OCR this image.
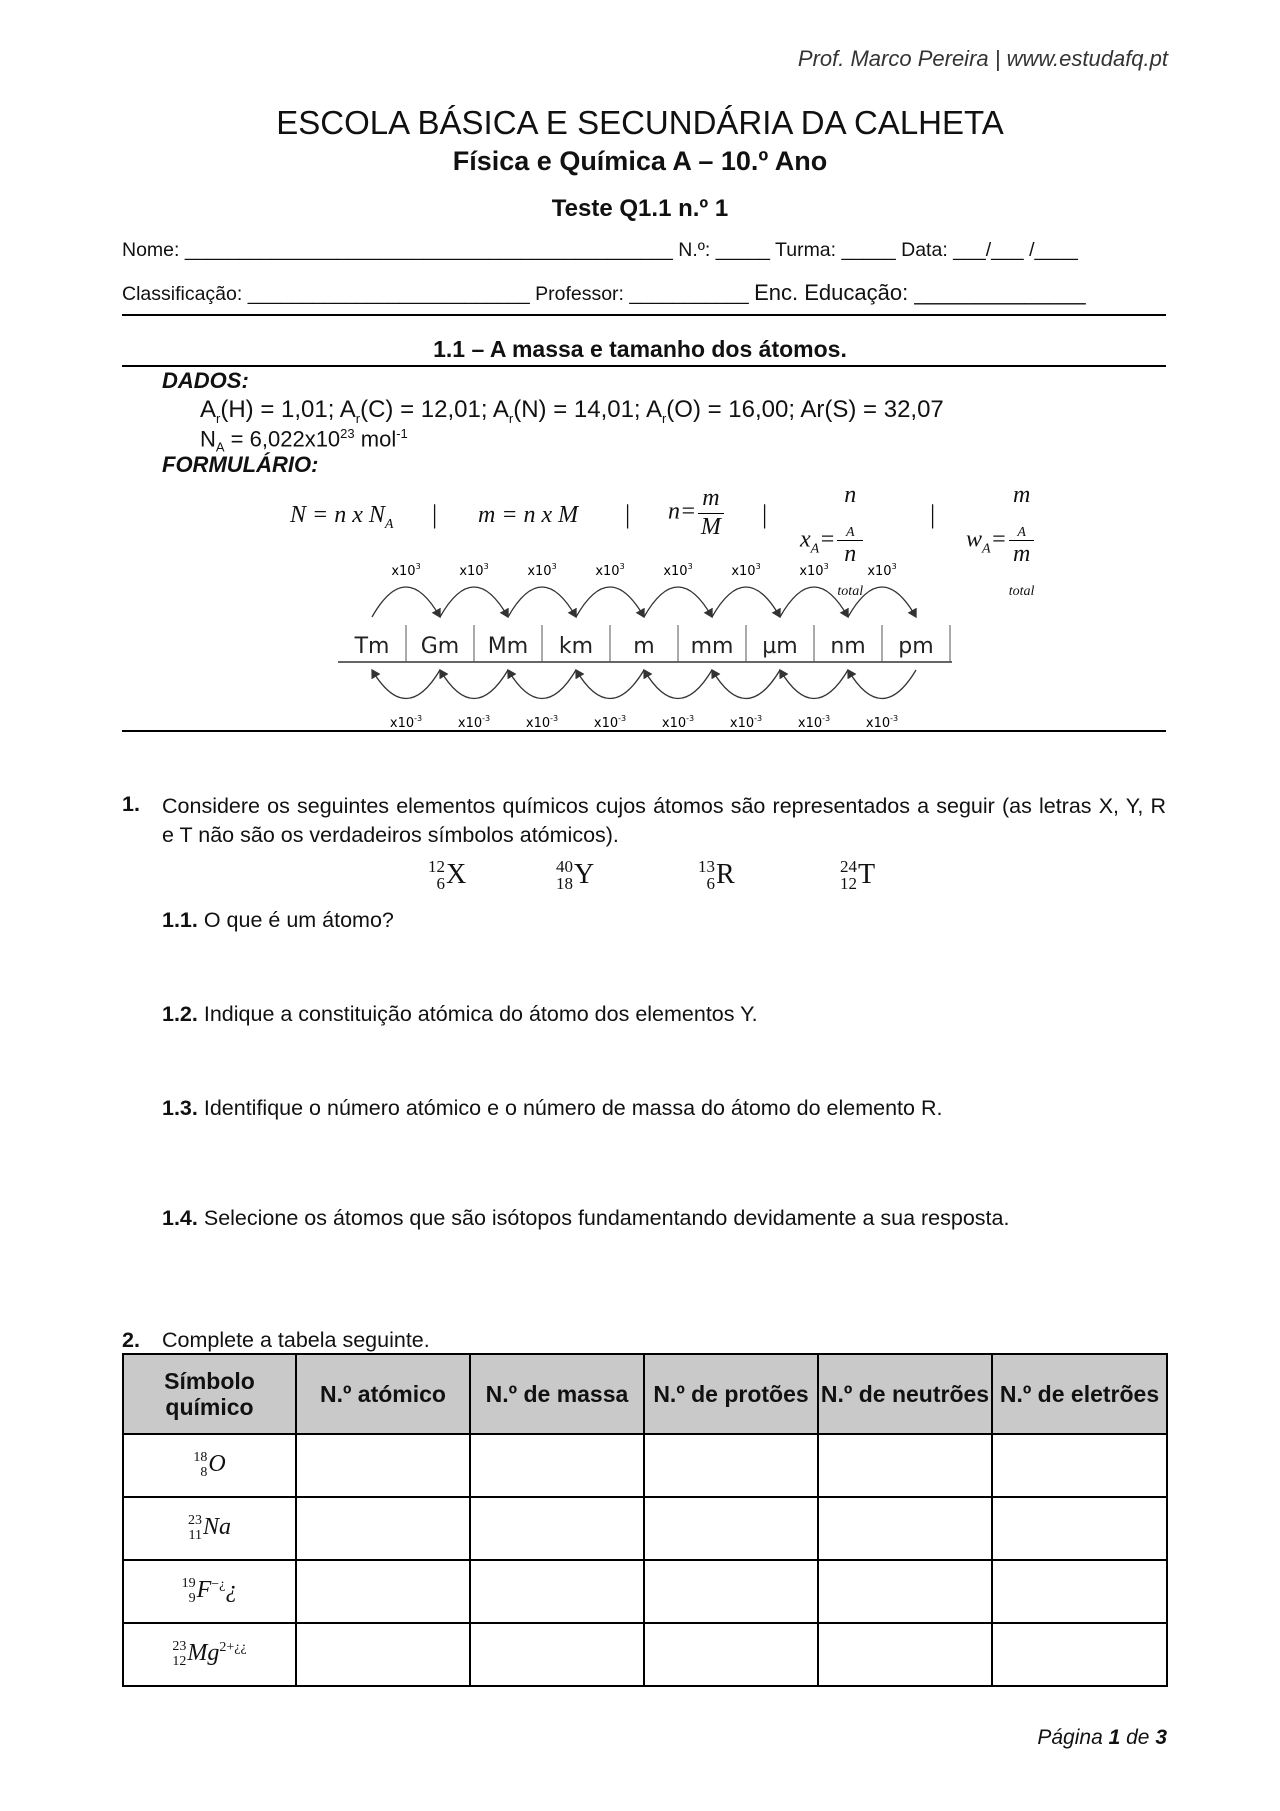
Prof. Marco Pereira | www.estudafq.pt
ESCOLA BÁSICA E SECUNDÁRIA DA CALHETA
Física e Química A – 10.º Ano
Teste Q1.1 n.º 1
Nome: _____________________________________________ N.º: _____ Turma: _____ Data: ___/___ /____
Classificação: __________________________ Professor: ___________ Enc. Educação: ______________
1.1 – A massa e tamanho dos átomos.
DADOS:
$A_r(H) = 1,01$; $A_r(C) = 12,01$; $A_r(N) = 14,01$; $A_r(O) = 16,00$; Ar(S) = 32,07
$N_A = 6,022x10^{23}$ mol$^{-1}$
FORMULÁRIO:
N = n x $N_A$ | m = n x M | $n= \frac{m}{M}$ |
$x_A= n$
$_A$
n
$_{total}$	|
$w_A= m$
$_A$
m
$_{total}$
$x10^3$	$x10^3$	$x10^3$	$x10^3$	$x10^3$	$x10^3$	$x10^3$	$x10^3$
$x10^{-3}$	$x10^{-3}$	$x10^{-3}$	$x10^{-3}$	$x10^{-3}$	$x10^{-3}$	$x10^{-3}$	$x10^{-3}$
Tm Gm Mm km m mm µm nm pm
1. Considere os seguintes elementos químicos cujos átomos são representados a seguir (as letras X, Y, R e T não são os verdadeiros símbolos atómicos).
12
6 X	40
18 Y	13
6 R	24
12 T
1.1. O que é um átomo?
1.2. Indique a constituição atómica do átomo dos elementos Y.
1.3. Identifique o número atómico e o número de massa do átomo do elemento R.
1.4. Selecione os átomos que são isótopos fundamentando devidamente a sua resposta.
2. Complete a tabela seguinte.
Símbolo químico	N.º atómico	N.º de massa	N.º de protões	N.º de neutrões	N.º de eletrões

18
8 O					

23
11 Na					

19
9 F−¿¿					

23
12 $Mg^{2+¿¿}$					
Página 1 de 3
